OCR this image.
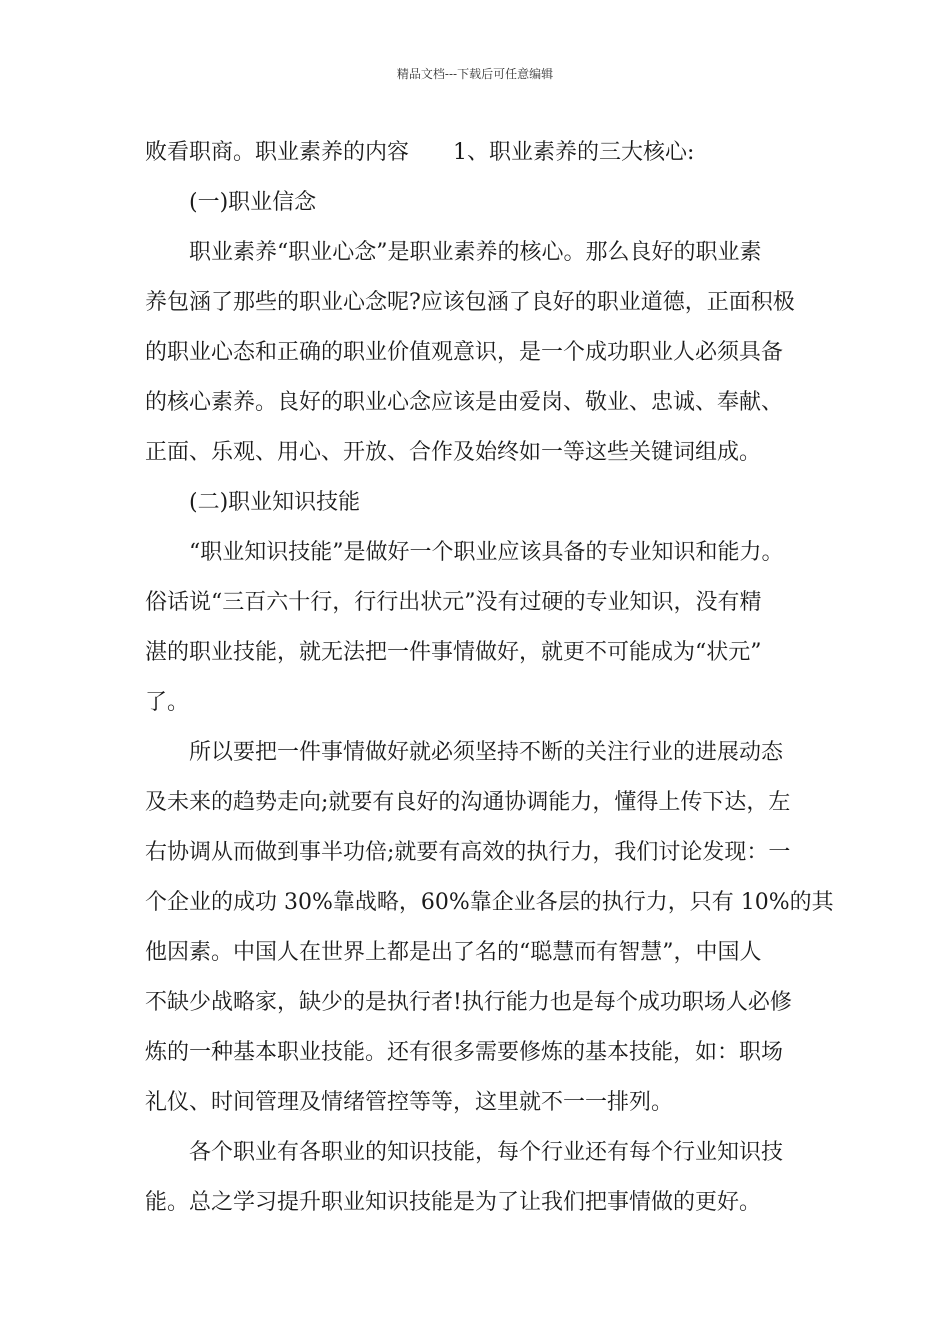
精品文档---下载后可任意编辑
败看职商。职业素养的内容 1、职业素养的三大核心:
(一)职业信念
职业素养“职业心念”是职业素养的核心。那么良好的职业素
养包涵了那些的职业心念呢?应该包涵了良好的职业道德，正面积极
的职业心态和正确的职业价值观意识，是一个成功职业人必须具备
的核心素养。良好的职业心念应该是由爱岗、敬业、忠诚、奉献、
正面、乐观、用心、开放、合作及始终如一等这些关键词组成。
(二)职业知识技能
“职业知识技能”是做好一个职业应该具备的专业知识和能力。
俗话说“三百六十行，行行出状元”没有过硬的专业知识，没有精
湛的职业技能，就无法把一件事情做好，就更不可能成为“状元”
了。
所以要把一件事情做好就必须坚持不断的关注行业的进展动态
及未来的趋势走向;就要有良好的沟通协调能力，懂得上传下达，左
右协调从而做到事半功倍;就要有高效的执行力，我们讨论发现：一
个企业的成功 30%靠战略，60%靠企业各层的执行力，只有 10%的其
他因素。中国人在世界上都是出了名的“聪慧而有智慧”，中国人
不缺少战略家，缺少的是执行者!执行能力也是每个成功职场人必修
炼的一种基本职业技能。还有很多需要修炼的基本技能，如：职场
礼仪、时间管理及情绪管控等等，这里就不一一排列。
各个职业有各职业的知识技能，每个行业还有每个行业知识技
能。总之学习提升职业知识技能是为了让我们把事情做的更好。
